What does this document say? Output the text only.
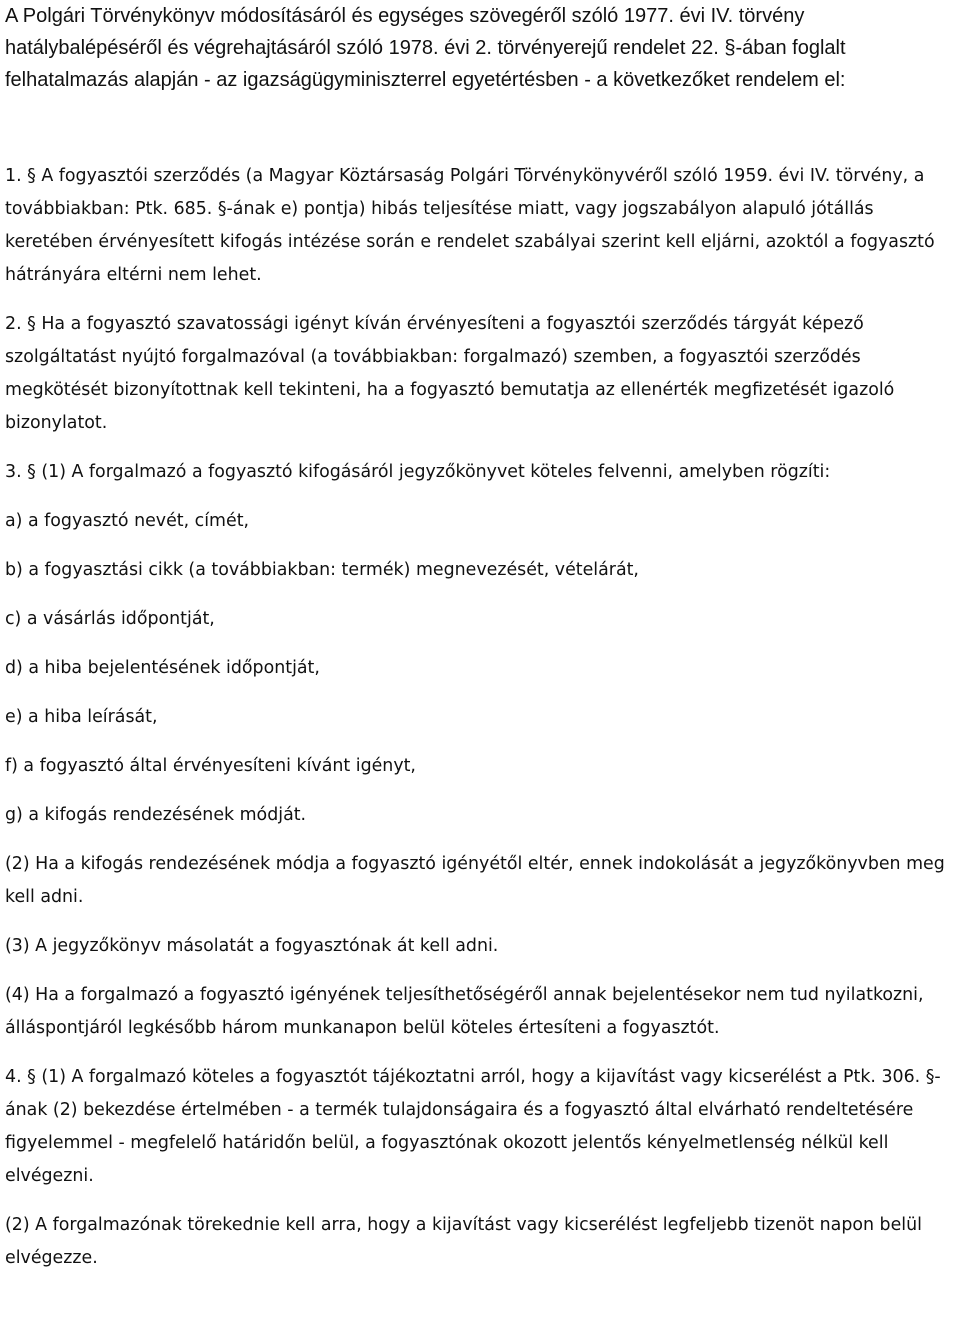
A Polgári Törvénykönyv módosításáról és egységes szövegéről szóló 1977. évi IV. törvény hatálybalépéséről és végrehajtásáról szóló 1978. évi 2. törvényerejű rendelet 22. §-ában foglalt felhatalmazás alapján - az igazságügyminiszterrel egyetértésben - a következőket rendelem el:

1. § A fogyasztói szerződés (a Magyar Köztársaság Polgári Törvénykönyvéről szóló 1959. évi IV. törvény, a továbbiakban: Ptk. 685. §-ának e) pontja) hibás teljesítése miatt, vagy jogszabályon alapuló jótállás keretében érvényesített kifogás intézése során e rendelet szabályai szerint kell eljárni, azoktól a fogyasztó hátrányára eltérni nem lehet.

2. § Ha a fogyasztó szavatossági igényt kíván érvényesíteni a fogyasztói szerződés tárgyát képező szolgáltatást nyújtó forgalmazóval (a továbbiakban: forgalmazó) szemben, a fogyasztói szerződés megkötését bizonyítottnak kell tekinteni, ha a fogyasztó bemutatja az ellenérték megfizetését igazoló bizonylatot.

3. § (1) A forgalmazó a fogyasztó kifogásáról jegyzőkönyvet köteles felvenni, amelyben rögzíti:

a) a fogyasztó nevét, címét,

b) a fogyasztási cikk (a továbbiakban: termék) megnevezését, vételárát,

c) a vásárlás időpontját,

d) a hiba bejelentésének időpontját,

e) a hiba leírását,

f) a fogyasztó által érvényesíteni kívánt igényt,

g) a kifogás rendezésének módját.

(2) Ha a kifogás rendezésének módja a fogyasztó igényétől eltér, ennek indokolását a jegyzőkönyvben meg kell adni.

(3) A jegyzőkönyv másolatát a fogyasztónak át kell adni.

(4) Ha a forgalmazó a fogyasztó igényének teljesíthetőségéről annak bejelentésekor nem tud nyilatkozni, álláspontjáról legkésőbb három munkanapon belül köteles értesíteni a fogyasztót.

4. § (1) A forgalmazó köteles a fogyasztót tájékoztatni arról, hogy a kijavítást vagy kicserélést a Ptk. 306. §-ának (2) bekezdése értelmében - a termék tulajdonságaira és a fogyasztó által elvárható rendeltetésére figyelemmel - megfelelő határidőn belül, a fogyasztónak okozott jelentős kényelmetlenség nélkül kell elvégezni.

(2) A forgalmazónak törekednie kell arra, hogy a kijavítást vagy kicserélést legfeljebb tizenöt napon belül elvégezze.
